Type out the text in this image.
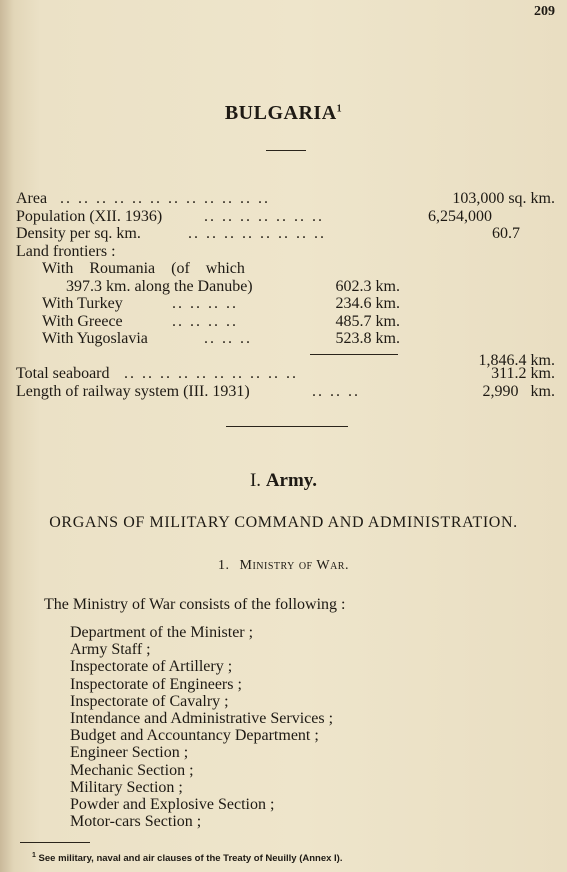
209
BULGARIA$^1$
Area .. .. .. .. .. .. .. .. .. .. .. ..	103,000 sq. km.
Population (XII. 1936)	.. .. .. .. .. .. ..	6,254,000
Density per sq. km.	.. .. .. .. .. .. .. ..	60.7
Land frontiers :
With    Roumania    (of    which
397.3 km. along the Danube)	602.3 km.
With Turkey	.. .. .. ..	234.6 km.
With Greece	.. .. .. ..	485.7 km.
With Yugoslavia	.. .. ..	523.8 km.
1,846.4 km.
Total seaboard .. .. .. .. .. .. .. .. .. ..	311.2 km.
Length of railway system (III. 1931)	.. .. ..	2,990   km.
I. Army.
ORGANS OF MILITARY COMMAND AND ADMINISTRATION.
1. Ministry of War.
The Ministry of War consists of the following :
Department of the Minister ;
Army Staff ;
Inspectorate of Artillery ;
Inspectorate of Engineers ;
Inspectorate of Cavalry ;
Intendance and Administrative Services ;
Budget and Accountancy Department ;
Engineer Section ;
Mechanic Section ;
Military Section ;
Powder and Explosive Section ;
Motor-cars Section ;
$^1$ See military, naval and air clauses of the Treaty of Neuilly (Annex I).
